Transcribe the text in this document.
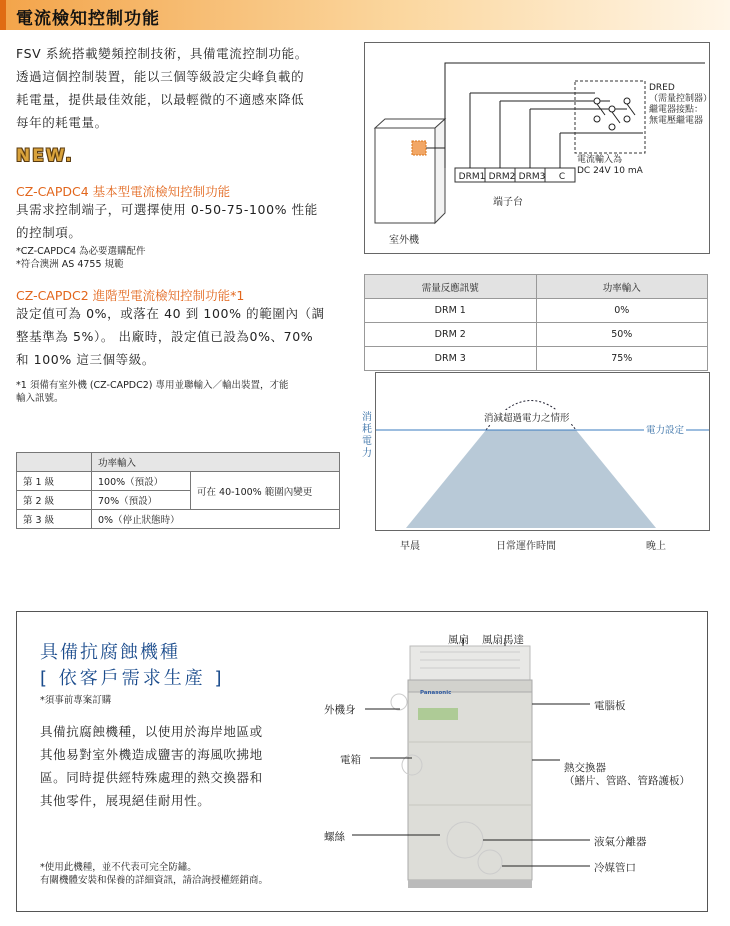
電流檢知控制功能
FSV 系統搭載變頻控制技術，具備電流控制功能。
透過這個控制裝置，能以三個等級設定尖峰負載的
耗電量，提供最佳效能，以最輕微的不適感來降低
每年的耗電量。
NEW.
CZ-CAPDC4 基本型電流檢知控制功能
具需求控制端子，可選擇使用 0-50-75-100% 性能
的控制項。
*CZ-CAPDC4 為必要選購配件
*符合澳洲 AS 4755 規範
CZ-CAPDC2 進階型電流檢知控制功能*1
設定值可為 0%，或落在 40 到 100% 的範圍內（調
整基準為 5%）。 出廠時，設定值已設為0%、70%
和 100% 這三個等級。
*1 須備有室外機 (CZ-CAPDC2) 專用並聯輸入／輸出裝置，才能
輸入訊號。
	功率輸入	
第 1 級	100%（預設）	可在 40-100% 範圍內變更
第 2 級	70%（預設）	
第 3 級	0%（停止狀態時）	
DRED
（需量控制器）
繼電器接點：
無電壓繼電器
電流輸入為
DC 24V 10 mA
DRM1 DRM2 DRM3	C
端子台
室外機
需量反應訊號	功率輸入
DRM 1	0%
DRM 2	50%
DRM 3	75%
消耗電力
消減超過電力之情形
電力設定
早晨	日常運作時間	晚上
具備抗腐蝕機種
[ 依客戶需求生產 ]
*須事前專案訂購
具備抗腐蝕機種，以使用於海岸地區或
其他易對室外機造成鹽害的海風吹拂地
區。同時提供經特殊處理的熱交換器和
其他零件，展現絕佳耐用性。
*使用此機種，並不代表可完全防鏽。
有關機體安裝和保養的詳細資訊，請洽詢授權經銷商。
Panasonic
風扇 風扇馬達
外機身
電箱
螺絲
電腦板
熱交換器
（鰭片、管路、管路護板）
液氣分離器
冷媒管口
